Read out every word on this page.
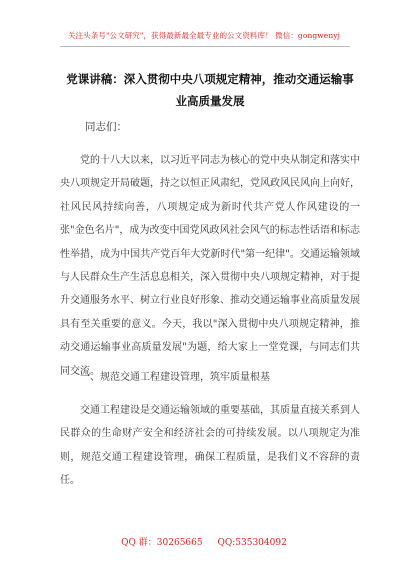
关注头条号"公文研究"，获得最新最全最专业的公文资料库！ 微信：gongwenyj
党课讲稿：深入贯彻中央八项规定精神，推动交通运输事
业高质量发展
同志们：

党的十八大以来，以习近平同志为核心的党中央从制定和落实中央八项规定开局破题，持之以恒正风肃纪，党风政风民风向上向好，社风民风持续向善，八项规定成为新时代共产党人作风建设的一张"金色名片"，成为改变中国党风政风社会风气的标志性话语和标志性举措，成为中国共产党百年大党新时代"第一纪律"。交通运输领域与人民群众生产生活息息相关，深入贯彻中央八项规定精神，对于提升交通服务水平、树立行业良好形象、推动交通运输事业高质量发展具有至关重要的意义。今天，我以"深入贯彻中央八项规定精神，推动交通运输事业高质量发展"为题，给大家上一堂党课，与同志们共同交流。

一、规范交通工程建设管理，筑牢质量根基

交通工程建设是交通运输领域的重要基础，其质量直接关系到人民群众的生命财产安全和经济社会的可持续发展。以八项规定为准则，规范交通工程建设管理，确保工程质量，是我们义不容辞的责任。

QQ 群：30265665 QQ:535304092
